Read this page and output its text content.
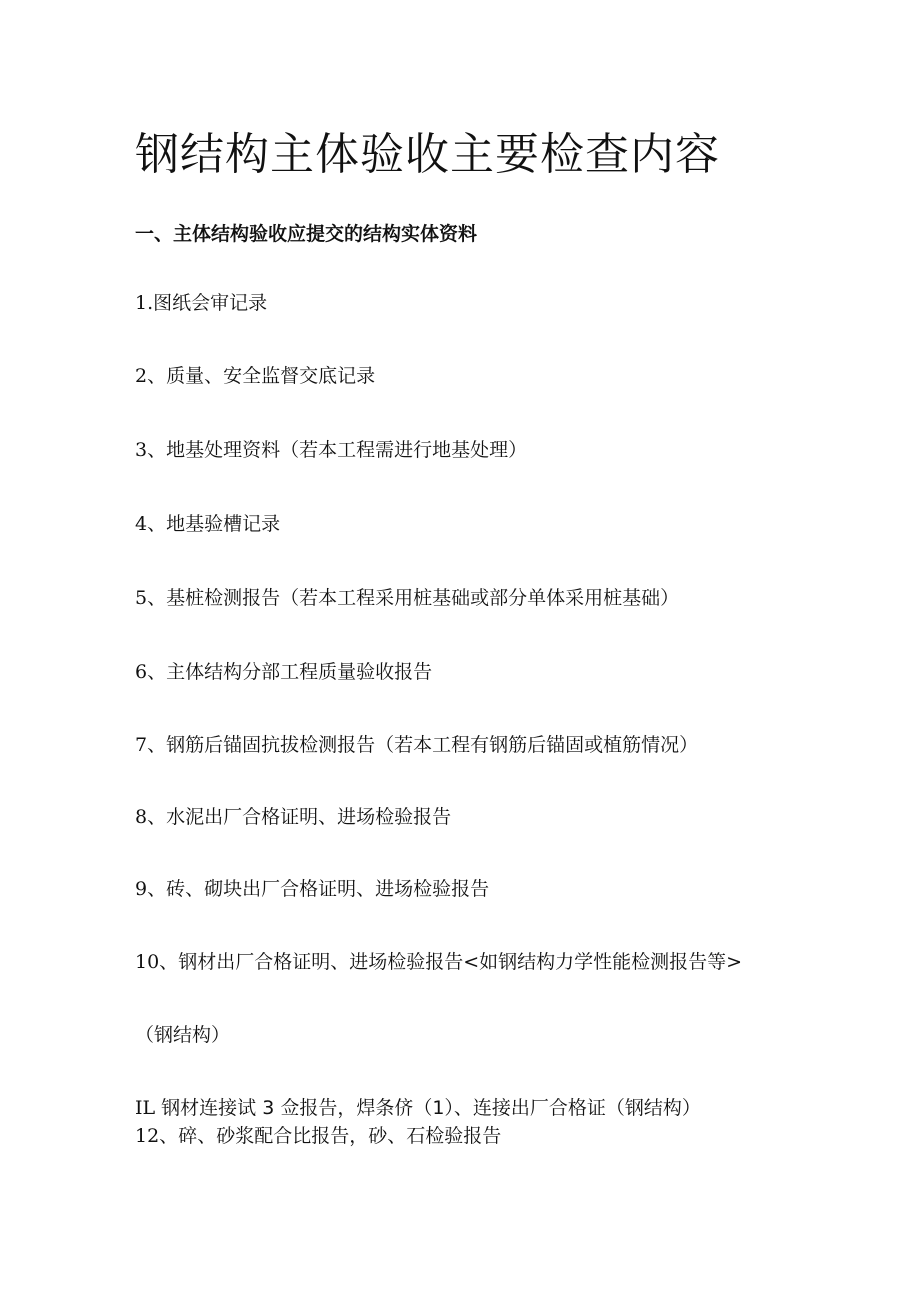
钢结构主体验收主要检查内容
一、主体结构验收应提交的结构实体资料

1.图纸会审记录

2、质量、安全监督交底记录

3、地基处理资料（若本工程需进行地基处理）

4、地基验槽记录

5、基桩检测报告（若本工程采用桩基础或部分单体采用桩基础）

6、主体结构分部工程质量验收报告

7、钢筋后锚固抗拔检测报告（若本工程有钢筋后锚固或植筋情况）

8、水泥出厂合格证明、进场检验报告

9、砖、砌块出厂合格证明、进场检验报告

10、钢材出厂合格证明、进场检验报告<如钢结构力学性能检测报告等>

（钢结构）

IL 钢材连接试 3 佥报告，焊条侪（1）、连接出厂合格证（钢结构）

12、碎、砂浆配合比报告，砂、石检验报告
